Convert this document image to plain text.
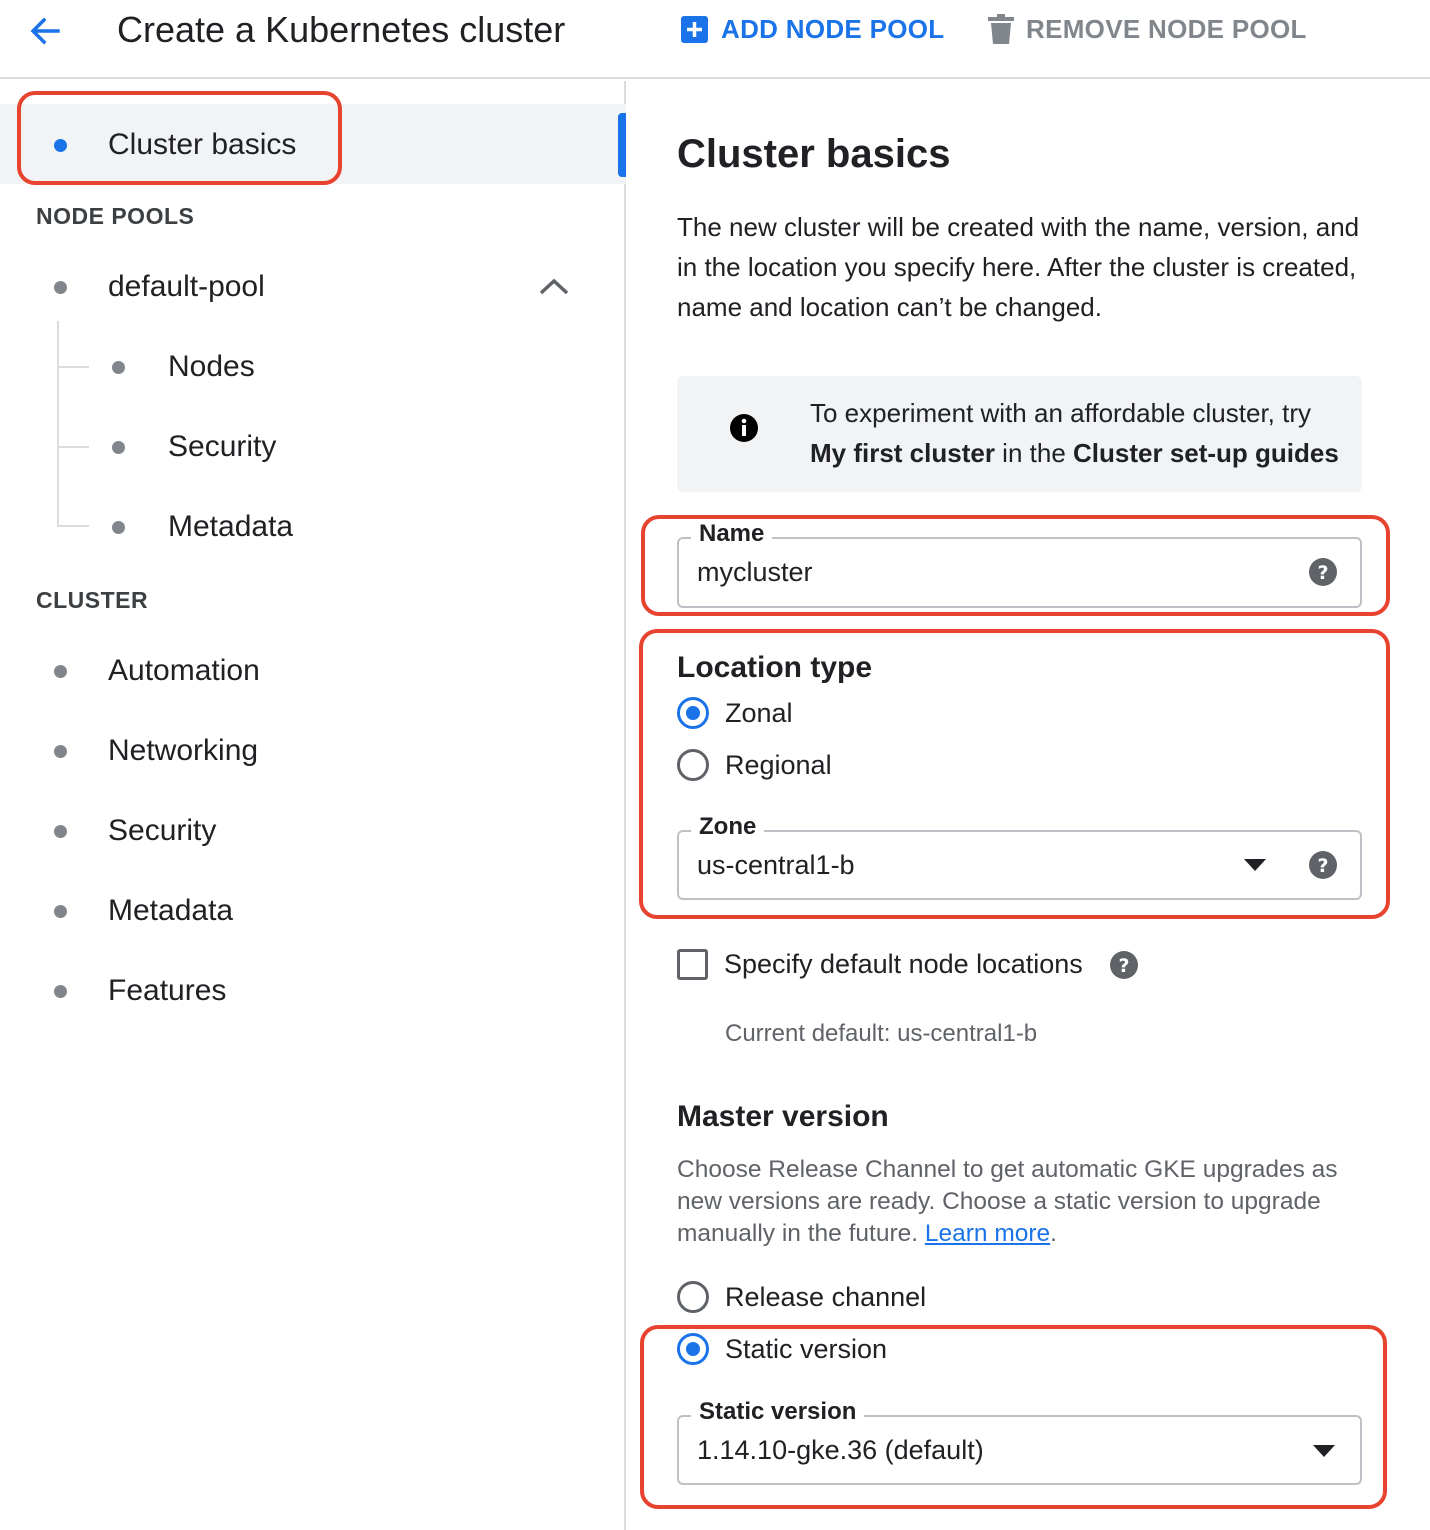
Create a Kubernetes cluster	ADD NODE POOL	REMOVE NODE POOL
Cluster basics
NODE POOLS
default-pool
Nodes
Security
Metadata
CLUSTER
Automation
Networking
Security
Metadata
Features
Cluster basics
The new cluster will be created with the name, version, and in the location you specify here. After the cluster is created, name and location can’t be changed.
To experiment with an affordable cluster, try
My first cluster in the Cluster set-up guides
Name
mycluster	?
Location type
Zonal
Regional
Zone
us-central1-b	?
Specify default node locations ?
Current default: us-central1-b
Master version
Choose Release Channel to get automatic GKE upgrades as new versions are ready. Choose a static version to upgrade manually in the future. Learn more.
Release channel
Static version
Static version
1.14.10-gke.36 (default)
